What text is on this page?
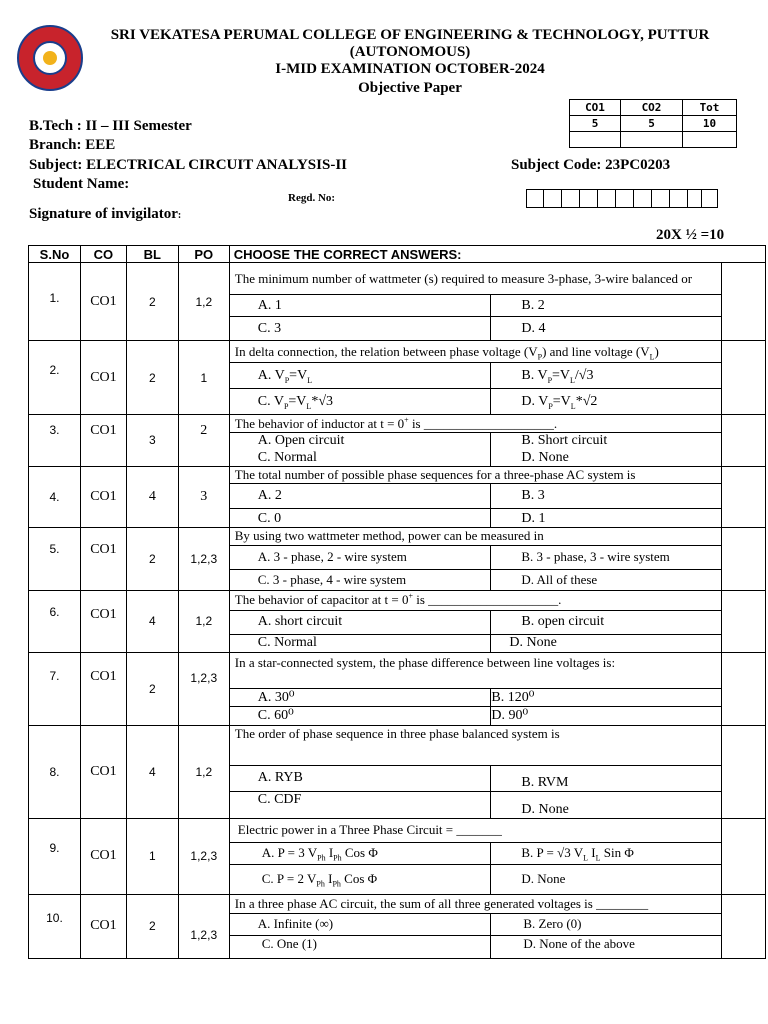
SRI VEKATESA PERUMAL COLLEGE OF ENGINEERING & TECHNOLOGY, PUTTUR
(AUTONOMOUS)
I-MID EXAMINATION OCTOBER-2024
Objective Paper
CO1	CO2	Tot
5	5	10

B.Tech : II – III Semester
Branch: EEE
Subject: ELECTRICAL CIRCUIT ANALYSIS-II	Subject Code: 23PC0203
Student Name:
Regd. No:
Signature of invigilator:
20X ½ =10
S.No	CO	BL	PO	CHOOSE THE CORRECT ANSWERS:		
1.	CO1	2	1,2	The minimum number of wattmeter (s) required to measure 3-phase, 3-wire balanced or		
				A. 1	B. 2	
				C. 3	D. 4	
2.	CO1	2	1	In delta connection, the relation between phase voltage $(V_P)$ and line voltage $(V_L)$		
				A. $V_P=V_L$	B. $V_P=V_L/√3$	
				C. $V_P=V_L*√3$	D. $V_P=V_L*√2$	
3.	CO1	3	2	The behavior of inductor at t = 0+ is ____________________.		
				A. Open circuit	B. Short circuit	
				C. Normal	D. None	
4.	CO1	4	3	The total number of possible phase sequences for a three-phase AC system is		
				A. 2	B. 3	
				C. 0	D. 1	
5.	CO1	2	1,2,3	By using two wattmeter method, power can be measured in		
				A. 3 - phase, 2 - wire system	B. 3 - phase, 3 - wire system	
				C. 3 - phase, 4 - wire system	D. All of these	
6.	CO1	4	1,2	The behavior of capacitor at t = 0+ is ____________________.		
				A. short circuit	B. open circuit	
				C. Normal	D. None	
7.	CO1	2	1,2,3	In a star-connected system, the phase difference between line voltages is:		
				A. 30⁰	B. 120⁰	
				C. 60⁰	D. 90⁰	
8.	CO1	4	1,2	The order of phase sequence in three phase balanced system is		
				A. RYB	B. RVM	
				C. CDF	D. None	
9.	CO1	1	1,2,3	Electric power in a Three Phase Circuit = _______		
				A. P = 3 $V_{Ph}$ $I_{Ph}$ Cos Φ	B. P = √3 $V_L$ $I_L$ Sin Φ	
				C. P = 2 $V_{Ph}$ $I_{Ph}$ Cos Φ	D. None	
10.	CO1	2	1,2,3	In a three phase AC circuit, the sum of all three generated voltages is ________		
				A. Infinite (∞)	B. Zero (0)	
				C. One (1)	D. None of the above	
